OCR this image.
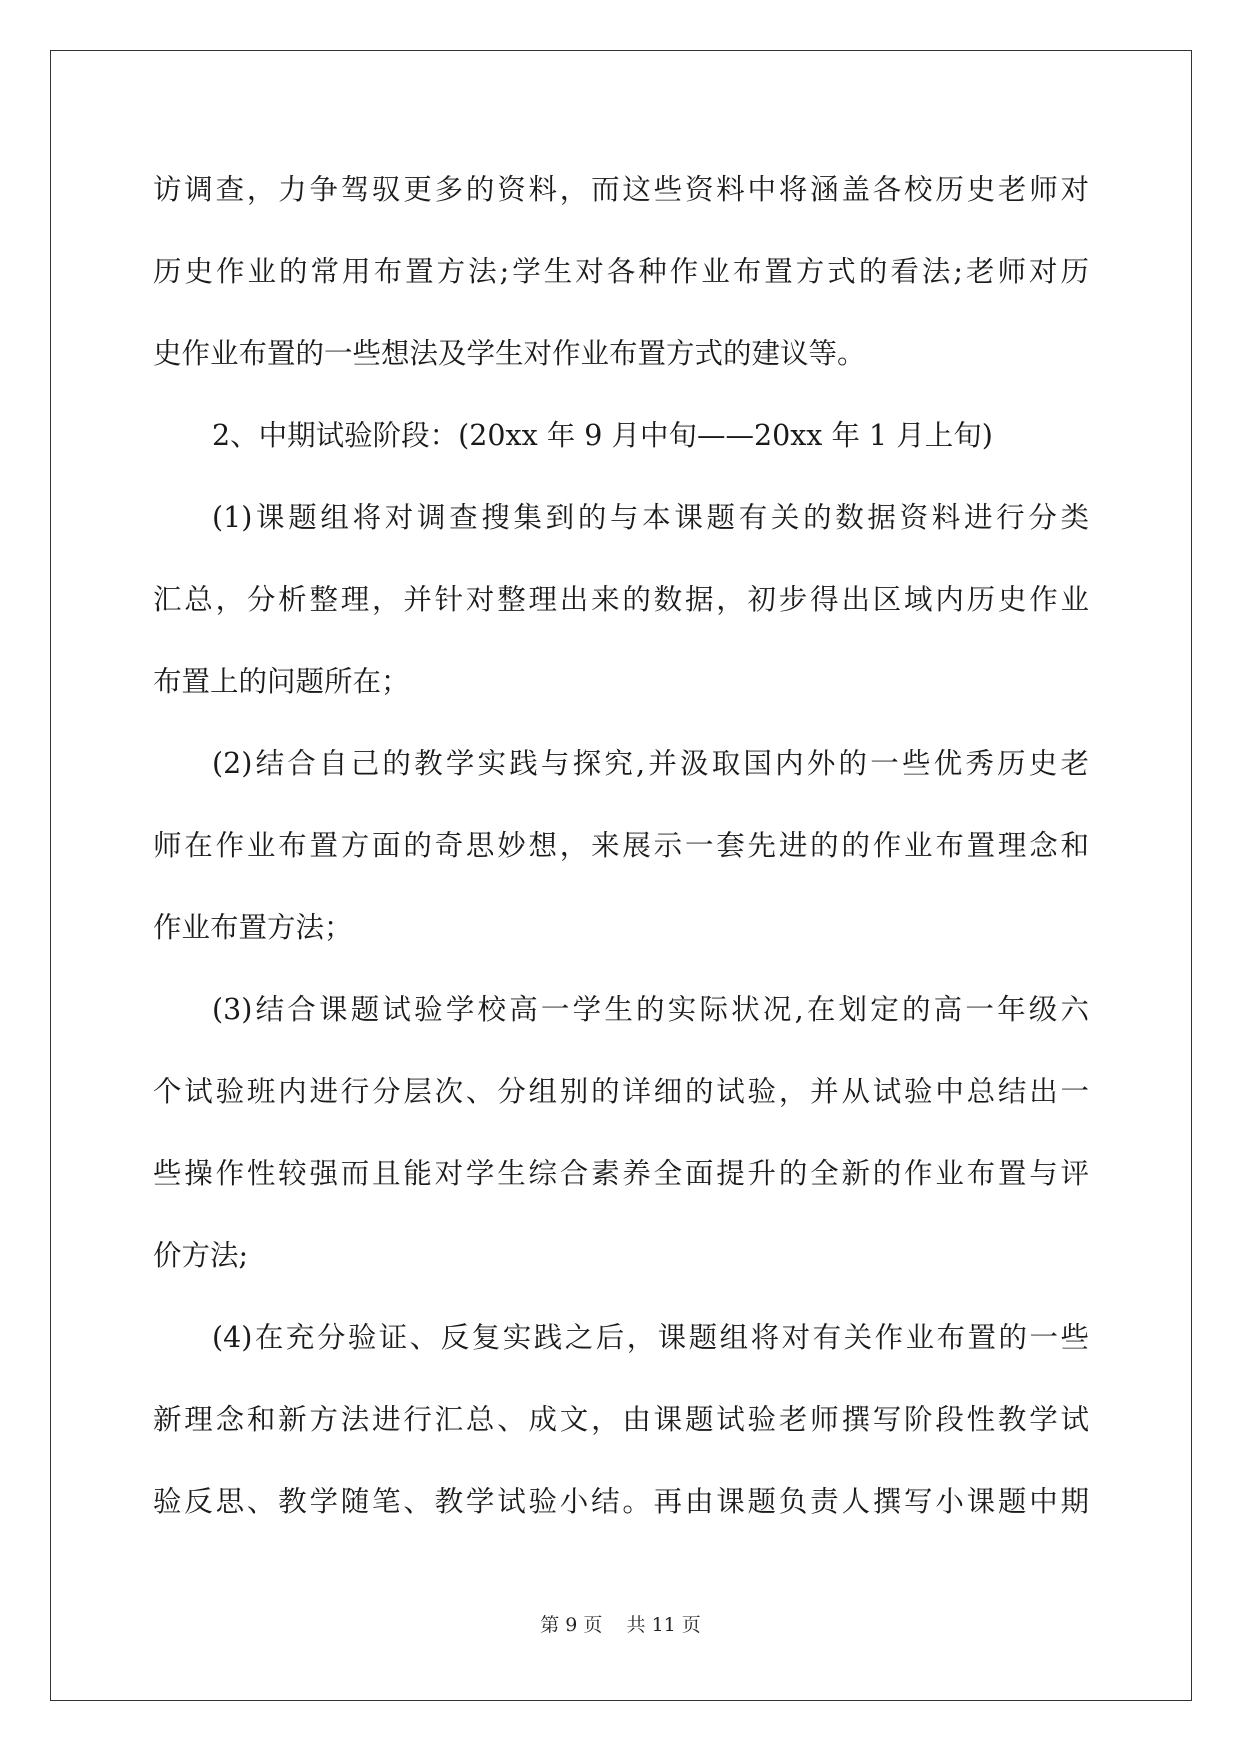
访调查，力争驾驭更多的资料，而这些资料中将涵盖各校历史老师对
历史作业的常用布置方法;学生对各种作业布置方式的看法;老师对历
史作业布置的一些想法及学生对作业布置方式的建议等。
2、中期试验阶段：(20xx 年 9 月中旬——20xx 年 1 月上旬)
(1)课题组将对调查搜集到的与本课题有关的数据资料进行分类
汇总，分析整理，并针对整理出来的数据，初步得出区域内历史作业
布置上的问题所在；
(2)结合自己的教学实践与探究,并汲取国内外的一些优秀历史老
师在作业布置方面的奇思妙想，来展示一套先进的的作业布置理念和
作业布置方法；
(3)结合课题试验学校高一学生的实际状况,在划定的高一年级六
个试验班内进行分层次、分组别的详细的试验，并从试验中总结出一
些操作性较强而且能对学生综合素养全面提升的全新的作业布置与评
价方法;
(4)在充分验证、反复实践之后，课题组将对有关作业布置的一些
新理念和新方法进行汇总、成文，由课题试验老师撰写阶段性教学试
验反思、教学随笔、教学试验小结。再由课题负责人撰写小课题中期
第 9 页 共 11 页
